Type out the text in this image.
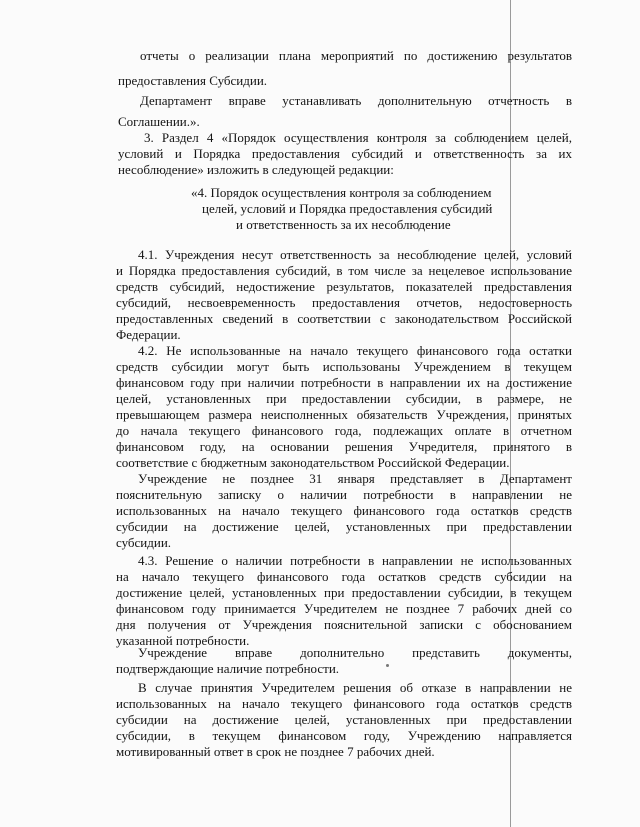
отчеты о реализации плана мероприятий по достижению результатов
предоставления Субсидии.
Департамент вправе устанавливать дополнительную отчетность в
Соглашении.».
3. Раздел 4 «Порядок осуществления контроля за соблюдением целей,
условий и Порядка предоставления субсидий и ответственность за их
несоблюдение» изложить в следующей редакции:
«4. Порядок осуществления контроля за соблюдением
целей, условий и Порядка предоставления субсидий
и ответственность за их несоблюдение
4.1. Учреждения несут ответственность за несоблюдение целей, условий
и Порядка предоставления субсидий, в том числе за нецелевое использование
средств субсидий, недостижение результатов, показателей предоставления
субсидий, несвоевременность предоставления отчетов, недостоверность
предоставленных сведений в соответствии с законодательством Российской
Федерации.
4.2. Не использованные на начало текущего финансового года остатки
средств субсидии могут быть использованы Учреждением в текущем
финансовом году при наличии потребности в направлении их на достижение
целей, установленных при предоставлении субсидии, в размере, не
превышающем размера неисполненных обязательств Учреждения, принятых
до начала текущего финансового года, подлежащих оплате в отчетном
финансовом году, на основании решения Учредителя, принятого в
соответствие с бюджетным законодательством Российской Федерации.
Учреждение не позднее 31 января представляет в Департамент
пояснительную записку о наличии потребности в направлении не
использованных на начало текущего финансового года остатков средств
субсидии на достижение целей, установленных при предоставлении
субсидии.
4.3. Решение о наличии потребности в направлении не использованных
на начало текущего финансового года остатков средств субсидии на
достижение целей, установленных при предоставлении субсидии, в текущем
финансовом году принимается Учредителем не позднее 7 рабочих дней со
дня получения от Учреждения пояснительной записки с обоснованием
указанной потребности.
Учреждение вправе дополнительно представить документы,
подтверждающие наличие потребности.
В случае принятия Учредителем решения об отказе в направлении не
использованных на начало текущего финансового года остатков средств
субсидии на достижение целей, установленных при предоставлении
субсидии, в текущем финансовом году, Учреждению направляется
мотивированный ответ в срок не позднее 7 рабочих дней.
